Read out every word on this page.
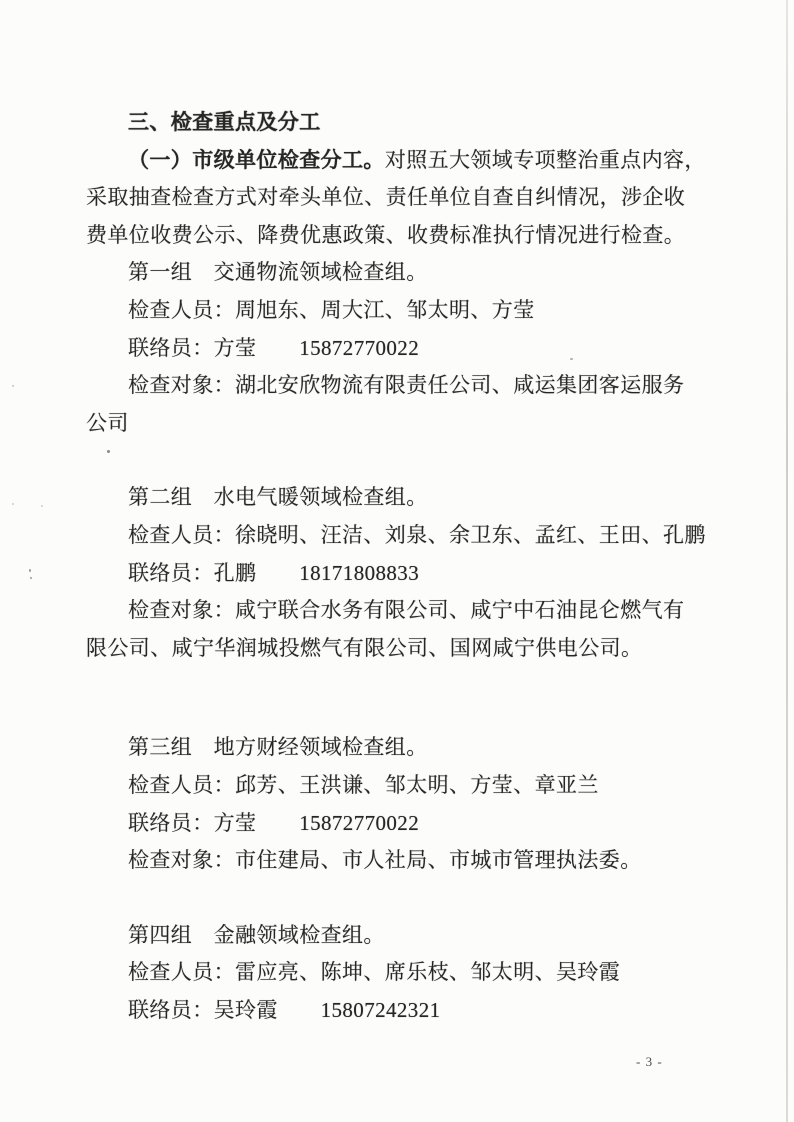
三、检查重点及分工
（一）市级单位检查分工。对照五大领域专项整治重点内容，
采取抽查检查方式对牵头单位、责任单位自查自纠情况，涉企收
费单位收费公示、降费优惠政策、收费标准执行情况进行检查。
第一组　交通物流领域检查组。
检查人员：周旭东、周大江、邹太明、方莹
联络员：方莹　　15872770022
检查对象：湖北安欣物流有限责任公司、咸运集团客运服务
公司
第二组　水电气暖领域检查组。
检查人员：徐晓明、汪洁、刘泉、余卫东、孟红、王田、孔鹏
联络员：孔鹏　　18171808833
检查对象：咸宁联合水务有限公司、咸宁中石油昆仑燃气有
限公司、咸宁华润城投燃气有限公司、国网咸宁供电公司。
第三组　地方财经领域检查组。
检查人员：邱芳、王洪谦、邹太明、方莹、章亚兰
联络员：方莹　　15872770022
检查对象：市住建局、市人社局、市城市管理执法委。
第四组　金融领域检查组。
检查人员：雷应亮、陈坤、席乐枝、邹太明、吴玲霞
联络员：吴玲霞　　15807242321
- 3 -
